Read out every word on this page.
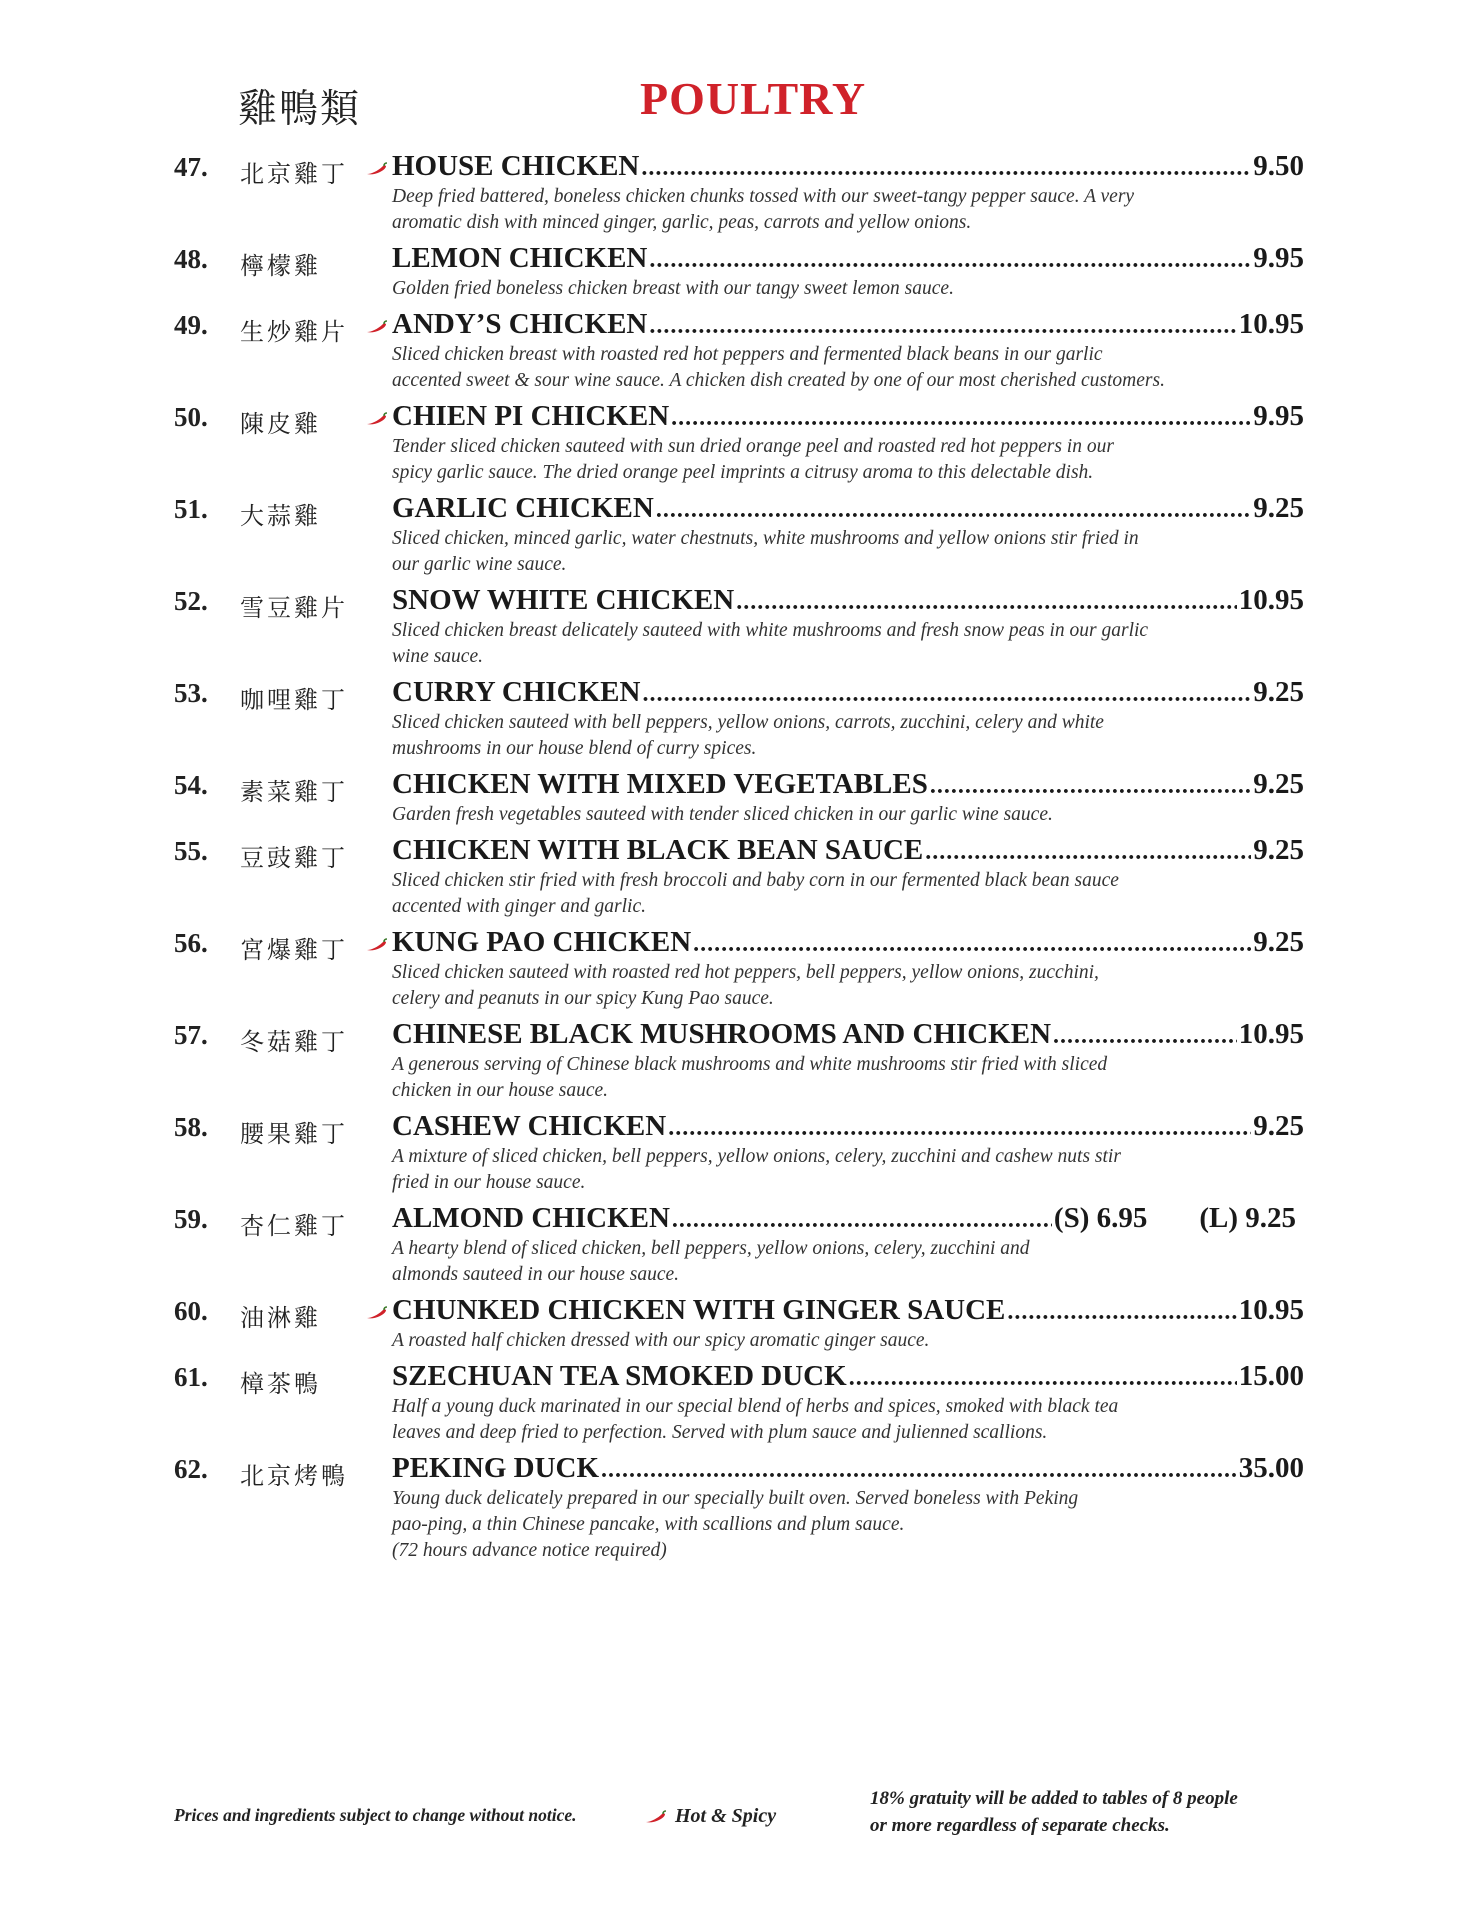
雞鴨類	POULTRY
47. 北京雞丁 HOUSE CHICKEN .....	9.50
Deep fried battered, boneless chicken chunks tossed with our sweet-tangy pepper sauce. A very
aromatic dish with minced ginger, garlic, peas, carrots and yellow onions.
48. 檸檬雞 LEMON CHICKEN .....	9.95
Golden fried boneless chicken breast with our tangy sweet lemon sauce.
49. 生炒雞片 ANDY’S CHICKEN .....	10.95
Sliced chicken breast with roasted red hot peppers and fermented black beans in our garlic
accented sweet & sour wine sauce. A chicken dish created by one of our most cherished customers.
50. 陳皮雞 CHIEN PI CHICKEN .....	9.95
Tender sliced chicken sauteed with sun dried orange peel and roasted red hot peppers in our
spicy garlic sauce. The dried orange peel imprints a citrusy aroma to this delectable dish.
51. 大蒜雞 GARLIC CHICKEN .....	9.25
Sliced chicken, minced garlic, water chestnuts, white mushrooms and yellow onions stir fried in
our garlic wine sauce.
52. 雪豆雞片 SNOW WHITE CHICKEN .....	10.95
Sliced chicken breast delicately sauteed with white mushrooms and fresh snow peas in our garlic
wine sauce.
53. 咖哩雞丁 CURRY CHICKEN .....	9.25
Sliced chicken sauteed with bell peppers, yellow onions, carrots, zucchini, celery and white
mushrooms in our house blend of curry spices.
54. 素菜雞丁 CHICKEN WITH MIXED VEGETABLES .....	9.25
Garden fresh vegetables sauteed with tender sliced chicken in our garlic wine sauce.
55. 豆豉雞丁 CHICKEN WITH BLACK BEAN SAUCE .....	9.25
Sliced chicken stir fried with fresh broccoli and baby corn in our fermented black bean sauce
accented with ginger and garlic.
56. 宮爆雞丁 KUNG PAO CHICKEN .....	9.25
Sliced chicken sauteed with roasted red hot peppers, bell peppers, yellow onions, zucchini,
celery and peanuts in our spicy Kung Pao sauce.
57. 冬菇雞丁 CHINESE BLACK MUSHROOMS AND CHICKEN .....	10.95
A generous serving of Chinese black mushrooms and white mushrooms stir fried with sliced
chicken in our house sauce.
58. 腰果雞丁 CASHEW CHICKEN .....	9.25
A mixture of sliced chicken, bell peppers, yellow onions, celery, zucchini and cashew nuts stir
fried in our house sauce.
59. 杏仁雞丁 ALMOND CHICKEN .....	(S) 6.95 (L) 9.25
A hearty blend of sliced chicken, bell peppers, yellow onions, celery, zucchini and
almonds sauteed in our house sauce.
60. 油淋雞 CHUNKED CHICKEN WITH GINGER SAUCE .....	10.95
A roasted half chicken dressed with our spicy aromatic ginger sauce.
61. 樟茶鴨 SZECHUAN TEA SMOKED DUCK .....	15.00
Half a young duck marinated in our special blend of herbs and spices, smoked with black tea
leaves and deep fried to perfection. Served with plum sauce and julienned scallions.
62. 北京烤鴨 PEKING DUCK .....	35.00
Young duck delicately prepared in our specially built oven. Served boneless with Peking
pao-ping, a thin Chinese pancake, with scallions and plum sauce.
(72 hours advance notice required)
Prices and ingredients subject to change without notice.	Hot & Spicy
18% gratuity will be added to tables of 8 people
or more regardless of separate checks.
